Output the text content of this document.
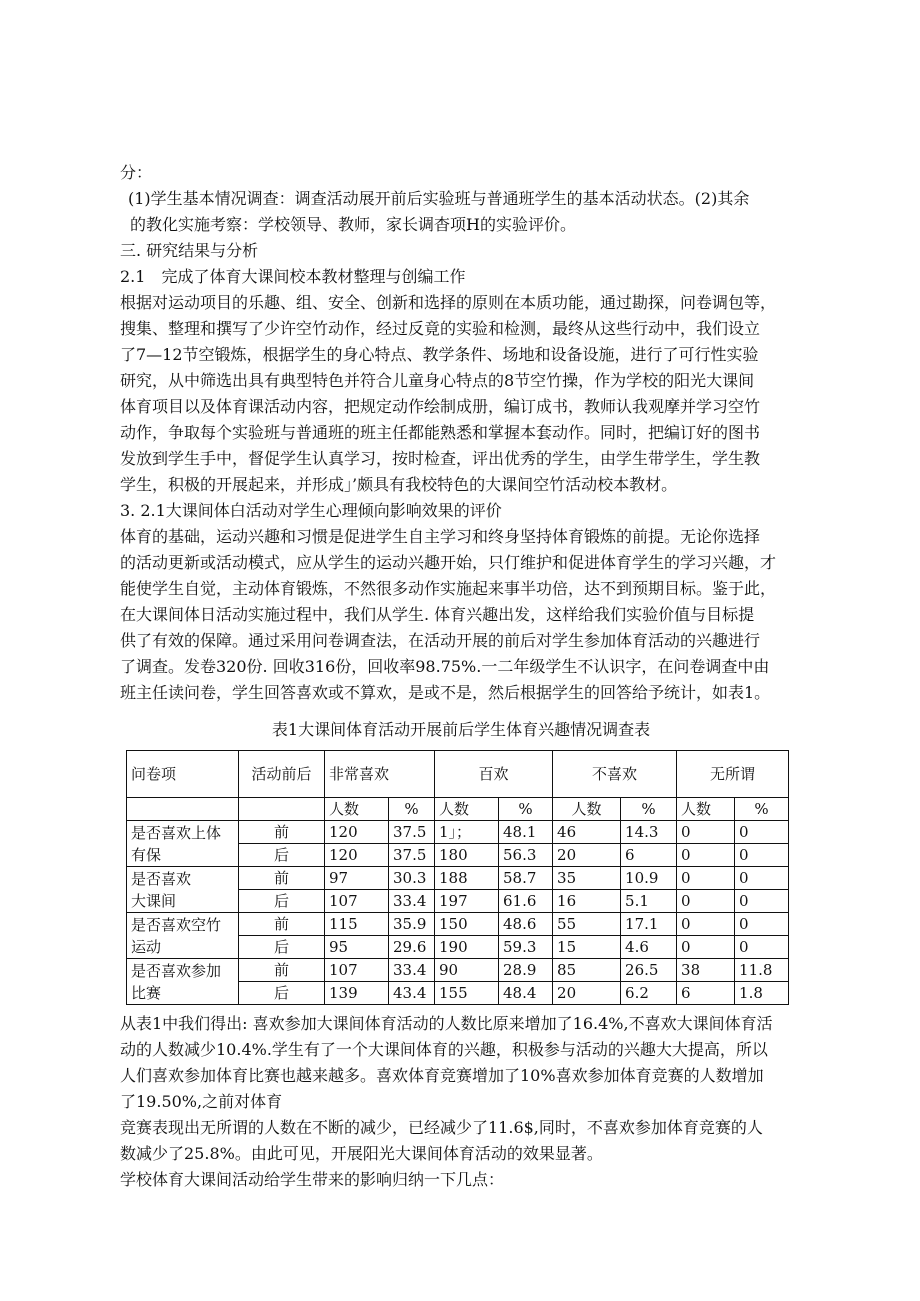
分：

(1)学生基本情况调查：调查活动展开前后实验班与普通班学生的基本活动状态。(2)其余

的教化实施考察：学校领导、教师，家长调杳项H的实验评价。

三. 研究结果与分析

2.1　完成了体育大课间校本教材整理与创编工作

根据对运动项目的乐趣、组、安全、创新和选择的原则在本质功能，通过勘探，问卷调包等，

搜集、整理和撰写了少许空竹动作，经过反竟的实验和检测，最终从这些行动中，我们设立

了7—12节空锻炼，根据学生的身心特点、教学条件、场地和设备设施，进行了可行性实验

研究，从中筛选出具有典型特色并符合儿童身心特点的8节空竹操，作为学校的阳光大课间

体育项目以及体育课活动内容，把规定动作绘制成册，编订成书，教师认我观摩并学习空竹

动作，争取每个实验班与普通班的班主任都能熟悉和掌握本套动作。同时，把编订好的图书

发放到学生手中，督促学生认真学习，按时检查，评出优秀的学生，由学生带学生，学生教

学生，积极的开展起来，并形成」’颇具有我校特色的大课间空竹活动校本教材。

3. 2.1大课间体白活动对学生心理倾向影响效果的评价

体育的基础，运动兴趣和习惯是促进学生自主学习和终身坚持体育锻炼的前提。无论你选择

的活动更新或活动模式，应从学生的运动兴趣开始，只仃维护和促进体育学生的学习兴趣，才

能使学生自觉，主动体育锻炼，不然很多动作实施起来事半功倍，达不到预期目标。鉴于此，

在大课间体日活动实施过程中，我们从学生. 体育兴趣出发，这样给我们实验价值与目标提

供了有效的保障。通过采用问卷调查法，在活动开展的前后对学生参加体育活动的兴趣进行

了调查。发卷320份. 回收316份，回收率98.75%.一二年级学生不认识字，在问卷调查中由

班主任读问卷，学生回答喜欢或不算欢，是或不是，然后根据学生的回答给予统计，如表1。

表1大课间体育活动开展前后学生体育兴趣情况调查表

问卷项	活动前后	非常喜欢		百欢		不喜欢		无所谓	

		人数	%	人数	%	人数	%	人数	%

是否喜欢上体
有保	前	120	37.5	1」；	48.1	46	14.3	0	0
	后	120	37.5	180	56.3	20	6	0	0

是否喜欢
大课间	前	97	30.3	188	58.7	35	10.9	0	0
	后	107	33.4	197	61.6	16	5.1	0	0

是否喜欢空竹
运动	前	115	35.9	150	48.6	55	17.1	0	0
	后	95	29.6	190	59.3	15	4.6	0	0

是否喜欢参加
比赛	前	107	33.4	90	28.9	85	26.5	38	11.8
	后	139	43.4	155	48.4	20	6.2	6	1.8

从表1中我们得出: 喜欢参加大课间体育活动的人数比原来增加了16.4%,不喜欢大课间体育活

动的人数减少10.4%.学生有了一个大课间体育的兴趣，积极参与活动的兴趣大大提高，所以

人们喜欢参加体育比赛也越来越多。喜欢体育竞赛增加了10%喜欢参加体育竞赛的人数增加

了19.50%,之前对体育

竞赛表现出无所谓的人数在不断的减少，已经减少了11.6$,同时，不喜欢参加体育竞赛的人

数减少了25.8%。由此可见，开展阳光大课间体育活动的效果显著。

学校体育大课间活动给学生带来的影响归纳一下几点：
